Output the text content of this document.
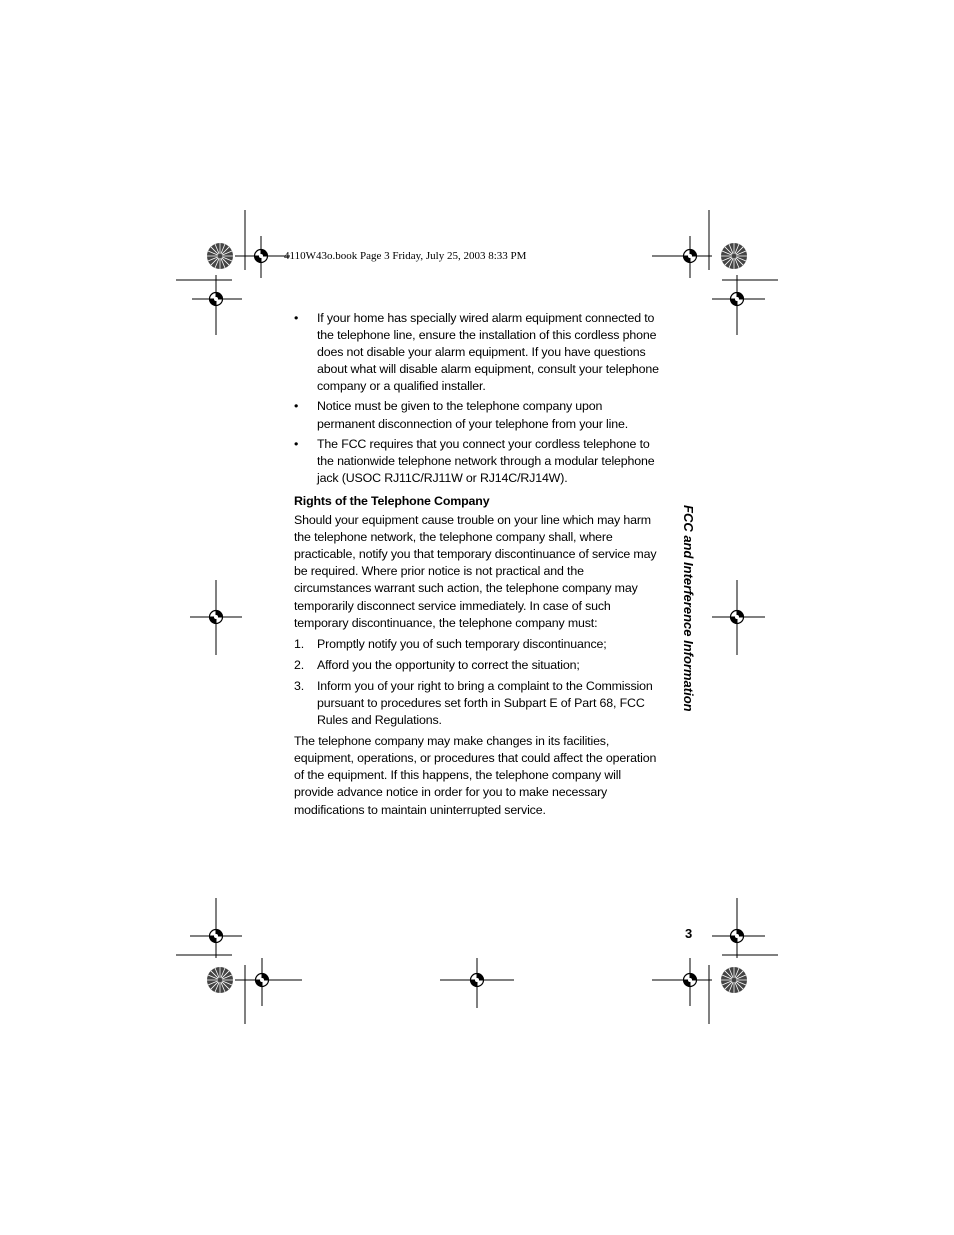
4110W43o.book Page 3 Friday, July 25, 2003 8:33 PM
• If your home has specially wired alarm equipment connected to the telephone line, ensure the installation of this cordless phone does not disable your alarm equipment. If you have questions about what will disable alarm equipment, consult your telephone company or a qualified installer.

• Notice must be given to the telephone company upon permanent disconnection of your telephone from your line.

• The FCC requires that you connect your cordless telephone to the nationwide telephone network through a modular telephone jack (USOC RJ11C/RJ11W or RJ14C/RJ14W).

Rights of the Telephone Company

Should your equipment cause trouble on your line which may harm the telephone network, the telephone company shall, where practicable, notify you that temporary discontinuance of service may be required. Where prior notice is not practical and the circumstances warrant such action, the telephone company may temporarily disconnect service immediately. In case of such temporary discontinuance, the telephone company must:

1. Promptly notify you of such temporary discontinuance;

2. Afford you the opportunity to correct the situation;

3. Inform you of your right to bring a complaint to the Commission pursuant to procedures set forth in Subpart E of Part 68, FCC Rules and Regulations.

The telephone company may make changes in its facilities, equipment, operations, or procedures that could affect the operation of the equipment. If this happens, the telephone company will provide advance notice in order for you to make necessary modifications to maintain uninterrupted service.

FCC and Interference Information
3
